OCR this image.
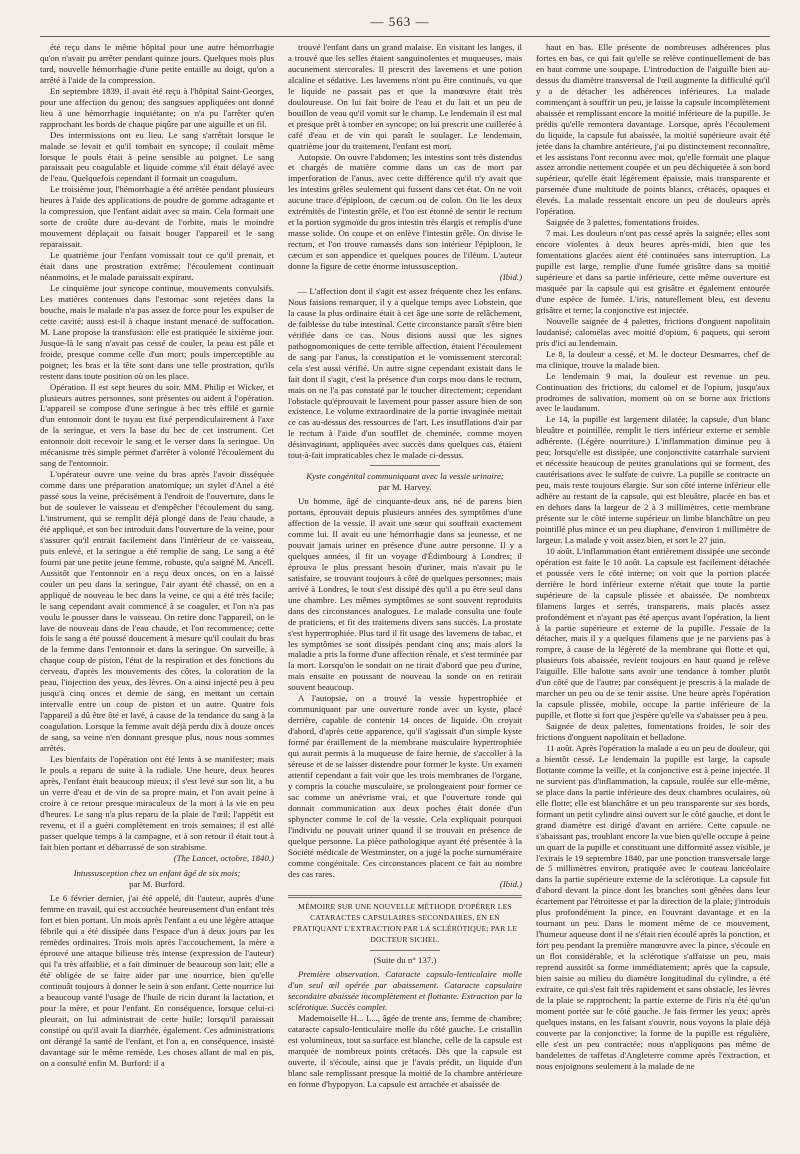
— 563 —

été reçu dans le même hôpital pour une autre hémorrhagie qu'on n'avait pu arrêter pendant quinze jours. Quelques mois plus tard, nouvelle hémorrhagie d'une petite entaille au doigt, qu'on a arrêté à l'aide de la compression.

En septembre 1839, il avait été reçu à l'hôpital Saint-Georges, pour une affection du genou; des sangsues appliquées ont donné lieu à une hémorrhagie inquiétante; on n'a pu l'arrêter qu'en rapprochant les bords de chaque piqûre par une aiguille et un fil.

Des intermissions ont eu lieu. Le sang s'arrêtait lorsque le malade se levait et qu'il tombait en syncope; il coulait même lorsque le pouls était à peine sensible au poignet. Le sang paraissait peu coagulable et liquide comme s'il était délayé avec de l'eau. Quelquefois cependant il formait un coagulum.

Le troisième jour, l'hémorrhagie a été arrêtée pendant plusieurs heures à l'aide des applications de poudre de gomme adragante et la compression, que l'enfant aidait avec sa main. Cela formait une sorte de croûte dure au-devant de l'orbite, mais le moindre mouvement déplaçait ou faisait bouger l'appareil et le sang reparaissait.

Le quatrième jour l'enfant vomissait tout ce qu'il prenait, et était dans une prostration extrême; l'écoulement continuait néanmoins, et le malade paraissait expirant.

Le cinquième jour syncope continue, mouvements convulsifs. Les matières contenues dans l'estomac sont rejetées dans la bouche, mais le malade n'a pas assez de force pour les expulser de cette cavité; aussi est-il à chaque instant menacé de suffocation. M. Lane propose la transfusion: elle est pratiquée le sixième jour. Jusque-là le sang n'avait pas cessé de couler, la peau est pâle et froide, presque comme celle d'un mort; pouls imperceptible au poignet; les bras et la tête sont dans une telle prostration, qu'ils restent dans toute position où on les place.

Opération. Il est sept heures du soir. MM. Philip et Wicker, et plusieurs autres personnes, sont présentes ou aident à l'opération. L'appareil se compose d'une seringue à bec très effilé et garnie d'un entonnoir dont le tuyau est fixé perpendiculairement à l'axe de la seringue, et vers la base du bec de cet instrument. Cet entonnoir doit recevoir le sang et le verser dans la seringue. Un mécanisme très simple permet d'arrêter à volonté l'écoulement du sang de l'entonnoir.

L'opérateur ouvre une veine du bras après l'avoir disséquée comme dans une préparation anatomique; un stylet d'Anel a été passé sous la veine, précisément à l'endroit de l'ouverture, dans le but de soulever le vaisseau et d'empêcher l'écoulement du sang. L'instrument, qui se remplit déjà plongé dans de l'eau chaude, a été appliqué, et son bec introduit dans l'ouverture de la veine, pour s'assurer qu'il entrait facilement dans l'intérieur de ce vaisseau, puis enlevé, et la seringue a été remplie de sang. Le sang a été fourni par une petite jeune femme, robuste, qu'a saigné M. Ancell. Aussitôt que l'entonnoir en a reçu deux onces, on en a laissé couler un peu dans la seringue, l'air ayant été chassé, on en a appliqué de nouveau le bec dans la veine, ce qui a été très facile; le sang cependant avait commencé à se coaguler, et l'on n'a pas voulu le pousser dans le vaisseau. On retire donc l'appareil, on le lave de nouveau dans de l'eau chaude, et l'on recommence; cette fois le sang a été poussé doucement à mesure qu'il coulait du bras de la femme dans l'entonnoir et dans la seringue. On surveille, à chaque coup de piston, l'état de la respiration et des fonctions du cerveau, d'après les mouvements des côtes, la coloration de la peau, l'injection des yeux, des lèvres. On a ainsi injecté peu à peu jusqu'à cinq onces et demie de sang, en mettant un certain intervalle entre un coup de piston et un autre. Quatre fois l'appareil a dû être ôté et lavé, à cause de la tendance du sang à la coagulation. Lorsque la femme avait déjà perdu dix à douze onces de sang, sa veine n'en donnant presque plus, nous nous sommes arrêtés.

Les bienfaits de l'opération ont été lents à se manifester; mais le pouls a reparu de suite à la radiale. Une heure, deux heures après, l'enfant était beaucoup mieux; il s'est levé sur son lit, a bu un verre d'eau et de vin de sa propre main, et l'on avait peine à croire à ce retour presque miraculeux de la mort à la vie en peu d'heures. Le sang n'a plus reparu de la plaie de l'œil; l'appétit est revenu, et il a guéri complètement en trois semaines; il est allé passer quelque temps à la campagne, et à son retour il était tout à fait bien portant et débarrassé de son strabisme.

(The Lancet, octobre, 1840.)

Intussusception chez un enfant âgé de six mois;

par M. Burford.

Le 6 février dernier, j'ai été appelé, dit l'auteur, auprès d'une femme en travail, qui est accouchée heureusement d'un enfant très fort et bien portant. Un mois après l'enfant a eu une légère attaque fébrile qui a été dissipée dans l'espace d'un à deux jours par les remèdes ordinaires. Trois mois après l'accouchement, la mère a éprouvé une attaque bilieuse très intense (expression de l'auteur) qui l'a très affaiblie, et a fait diminuer de beaucoup son lait; elle a été obligée de se faire aider par une nourrice, bien qu'elle continuât toujours à donner le sein à son enfant. Cette nourrice lui a beaucoup vanté l'usage de l'huile de ricin durant la lactation, et pour la mère, et pour l'enfant. En conséquence, lorsque celui-ci pleurait, on lui administrait de cette huile; lorsqu'il paraissait constipé ou qu'il avait la diarrhée, également. Ces administrations ont dérangé la santé de l'enfant, et l'on a, en conséquence, insisté davantage sur le même remède. Les choses allant de mal en pis, on a consulté enfin M. Burford: il a

trouvé l'enfant dans un grand malaise. En visitant les langes, il a trouvé que les selles étaient sanguinolentes et muqueuses, mais aucunement stercorales. Il prescrit des lavemens et une potion alcaline et sédative. Les lavemens n'ont pu être continués, vu que le liquide ne passait pas et que la manœuvre était très douloureuse. On lui fait boire de l'eau et du lait et un peu de bouillon de veau qu'il vomit sur le champ. Le lendemain il est mal et presque prêt à tomber en syncope; on lui prescrit une cuillerée à café d'eau et de vin qui paraît le soulager. Le lendemain, quatrième jour du traitement, l'enfant est mort.

Autopsie. On ouvre l'abdomen; les intestins sont très distendus et chargés de matière comme dans un cas de mort par imperforation de l'anus, avec cette différence qu'il n'y avait que les intestins grêles seulement qui fussent dans cet état. On ne voit aucune trace d'épiploon, de cæcum ou de colon. On lie les deux extrémités de l'intestin grêle, et l'on est étonné de sentir le rectum et la portion sygmoïde du gros intestin très élargis et remplis d'une masse solide. On coupe et on enlève l'intestin grêle. On divise le rectum, et l'on trouve ramassés dans son intérieur l'épiploon, le cæcum et son appendice et quelques pouces de l'iléum. L'auteur donne la figure de cette énorme intussusception.

(Ibid.)

— L'affection dont il s'agit est assez fréquente chez les enfans. Nous faisions remarquer, il y a quelque temps avec Lobstein, que la cause la plus ordinaire était à cet âge une sorte de relâchement, de faiblesse du tube intestinal. Cette circonstance paraît s'être bien vérifiée dans ce cas. Nous disions aussi que les signes pathognomoniques de cette terrible affection, étaient l'écoulement de sang par l'anus, la constipation et le vomissement stercoral: cela s'est aussi vérifié. Un autre signe cependant existait dans le fait dont il s'agit, c'est la présence d'un corps mou dans le rectum, mais on ne l'a pas constaté par le toucher directement; cependant l'obstacle qu'éprouvait le lavement pour passer assure bien de son existence. Le volume extraordinaire de la partie invaginée mettait ce cas au-dessus des ressources de l'art. Les insufflations d'air par le rectum à l'aide d'un soufflet de cheminée, comme moyen désinvaginant, appliquées avec succès dans quelques cas, étaient tout-à-fait impraticables chez le malade ci-dessus.

Kyste congénital communiquant avec la vessie urinaire;

par M. Harvey.

Un homme, âgé de cinquante-deux ans, né de parens bien portans, éprouvait depuis plusieurs années des symptômes d'une affection de la vessie. Il avait une sœur qui souffrait exactement comme lui. Il avait eu une hémorrhagie dans sa jeunesse, et ne pouvait jamais uriner en présence d'une autre personne. Il y a quelques années, il fit un voyage d'Édimbourg à Londres; il éprouva le plus pressant besoin d'uriner, mais n'avait pu le satisfaire, se trouvant toujours à côté de quelques personnes; mais arrivé à Londres, le tout s'est dissipé dès qu'il a pu être seul dans une chambre. Les mêmes symptômes se sont souvent reproduits dans des circonstances analogues. Le malade consulta une foule de praticiens, et fit des traitemens divers sans succès. La prostate s'est hypertrophiée. Plus tard il fit usage des lavemens de tabac, et les symptômes se sont dissipés pendant cinq ans; mais alors la maladie a pris la forme d'une affection rénale, et s'est terminée par la mort. Lorsqu'on le sondait on ne tirait d'abord que peu d'urine, mais ensuite en poussant de nouveau la sonde on en retirait souvent beaucoup.

A l'autopsie, on a trouvé la vessie hypertrophiée et communiquant par une ouverture ronde avec un kyste, placé derrière, capable de contenir 14 onces de liquide. On croyait d'abord, d'après cette apparence, qu'il s'agissait d'un simple kyste formé par éraillement de la membrane musculaire hypertrophiée qui aurait permis à la muqueuse de faire hernie, de s'accoller à la séreuse et de se laisser distendre pour former le kyste. Un examen attentif cependant a fait voir que les trois membranes de l'organe, y compris la couche musculaire, se prolongeaient pour former ce sac comme un anévrisme vrai, et que l'ouverture ronde qui donnait communication aux deux poches était donée d'un sphyncter comme le col de la vessie. Cela expliquait pourquoi l'individu ne pouvait uriner quand il se trouvait en présence de quelque personne. La pièce pathologique ayant été présentée à la Société médicale de Westminster, on a jugé la poche surnuméraire comme congénitale. Ces circonstances placent ce fait au nombre des cas rares.

(Ibid.)

MÉMOIRE SUR UNE NOUVELLE MÉTHODE D'OPÉRER LES CATARACTES CAPSULAIRES SECONDAIRES, EN EN PRATIQUANT L'EXTRACTION PAR LA SCLÉROTIQUE; PAR LE DOCTEUR SICHEL.

(Suite du n° 137.)

Première observation. Cataracte capsulo-lenticulaire molle d'un seul œil opérée par abaissement. Cataracte capsulaire secondaire abaissée incomplètement et flottante. Extraction par la sclérotique. Succès complet.

Mademoiselle H... L..., âgée de trente ans, femme de chambre; cataracte capsulo-lenticulaire molle du côté gauche. Le cristallin est volumineux, tout sa surface est blanche, celle de la capsule est marquée de nombreux points crétacés. Dès que la capsule est ouverte, il s'écoule, ainsi que je l'avais prédit, un liquide d'un blanc sale remplissant presque la moitié de la chambre antérieure en forme d'hypopyon. La capsule est arrachée et abaissée de

haut en bas. Elle présente de nombreuses adhérences plus fortes en bas, ce qui fait qu'elle se relève continuellement de bas en haut comme une soupape. L'introduction de l'aiguille bien au-dessus du diamètre transversal de l'œil augmente la difficulté qu'il y a de détacher les adhérences inférieures. La malade commençant à souffrir un peu, je laisse la capsule incomplètement abaissée et remplissant encore la moitié inférieure de la pupille. Je prédis qu'elle remontera davantage. Lorsque, après l'écoulement du liquide, la capsule fut abaissée, la moitié supérieure avait été jetée dans la chambre antérieure, j'ai pu distinctement reconnaître, et les assistans l'ont reconnu avec moi, qu'elle formait une plaque assez arrondie nettement coupée et un peu déchiquetée à son bord supérieur, qu'elle était légèrement épaissie, mais transparente et parsemée d'une multitude de points blancs, crétacés, opaques et élevés. La malade ressentait encore un peu de douleurs après l'opération.

Saignée de 3 palettes, fomentations froides.

7 mai. Les douleurs n'ont pas cessé après la saignée; elles sont encore violentes à deux heures après-midi, bien que les fomentations glacées aient été continuées sans interruption. La pupille est large, remplie d'une fumée grisâtre dans sa moitié supérieure et dans sa partie inférieure, cette même ouverture est masquée par la capsule qui est grisâtre et également entourée d'une espèce de fumée. L'iris, naturellement bleu, est devenu grisâtre et terne; la conjonctive est injectée.

Nouvelle saignée de 4 palettes, frictions d'onguent napolitain laudanisé; calomélas avec moitié d'opium, 6 paquets, qui seront pris d'ici au lendemain.

Le 8, la douleur a cessé, et M. le docteur Desmarres, chef de ma clinique, trouve la malade bien.

Le lendemain 9 mai, la douleur est revenue un peu. Continuation des frictions, du calomel et de l'opium, jusqu'aux prodromes de salivation, moment où on se borne aux frictions avec le laudanum.

Le 14, la pupille est largement dilatée; la capsule, d'un blanc bleuâtre et pointillée, remplit le tiers inférieur externe et semble adhérente. (Légère nourriture.) L'inflammation diminue peu à peu; lorsqu'elle est dissipée, une conjonctivite catarrhale survient et nécessite beaucoup de petites granulations qui se forment, des cautérisations avec le sulfate de cuivre. La pupille se contracte un peu, mais reste toujours élargie. Sur son côté interne inférieur elle adhère au restant de la capsule, qui est bleuâtre, placée en bas et en dehors dans la largeur de 2 à 3 millimètres, cette membrane présente sur le côté interne supérieur un limbe blanchâtre un peu pointillé plus mince et un peu diaphane, d'environ 1 millimètre de largeur. La malade y voit assez bien, et sort le 27 juin.

10 août. L'inflammation étant entièrement dissipée une seconde opération est faite le 10 août. La capsule est facilement détachée et poussée vers le côté interne; on voit que la portion placée derrière le bord inférieur externe n'était que toute la partie supérieure de la capsule plissée et abaissée. De nombreux filamens larges et serrés, transparens, mais placés assez profondément et n'ayant pas été aperçus avant l'opération, la lient à la partie supérieure et externe de la pupille. J'essaie de la détacher, mais il y a quelques filamens que je ne parviens pas à rompre, à cause de la légèreté de la membrane qui flotte et qui, plusieurs fois abaissée, revient toujours en haut quand je relève l'aiguille. Elle balotte sans avoir une tendance à tomber plutôt d'un côté que de l'autre; par conséquent je prescris à la malade de marcher un peu ou de se tenir assise. Une heure après l'opération la capsule plissée, mobile, occupe la partie inférieure de la pupille, et flotte si fort que j'espère qu'elle va s'abaisser peu à peu.

Saignée de deux palettes, fomentations froides, le soir des frictions d'onguent napolitain et belladone.

11 août. Après l'opération la malade a eu un peu de douleur, qui a bientôt cessé. Le lendemain la pupille est large, la capsule flottante comme la veille, et la conjonctive est à peine injectée. Il ne survient pas d'inflammation, la capsule, roulée sur elle-même, se place dans la partie inférieure des deux chambres oculaires, où elle flotte; elle est blanchâtre et un peu transparente sur ses bords, formant un petit cylindre ainsi ouvert sur le côté gauche, et dont le grand diamètre est dirigé d'avant en arrière. Cette capsule ne s'abaissant pas, troublant encore la vue bien qu'elle occupe à peine un quart de la pupille et constituant une difformité assez visible, je l'extrais le 19 septembre 1840, par une ponction transversale large de 5 millimètres environ, pratiquée avec le couteau lancéolaire dans la partie supérieure externe de la sclérotique. La capsule fut d'abord devant la pince dont les branches sont gênées dans leur écartement par l'étroitesse et par la direction de la plaie; j'introduis plus profondément la pince, en l'ouvrant davantage et en la tournant un peu. Dans le moment même de ce mouvement, l'humeur aqueuse dont il ne s'était rien écoulé après la ponction, et fort peu pendant la première manœuvre avec la pince, s'écoule en un flot considérable, et la sclérotique s'affaisse un peu, mais reprend aussitôt sa forme immédiatement; après que la capsule, bien saisie au milieu du diamètre longitudinal du cylindre, a été extraite, ce qui s'est fait très rapidement et sans obstacle, les lèvres de la plaie se rapprochent; la partie externe de l'iris n'a été qu'un moment portée sur le côté gauche. Je fais fermer les yeux; après quelques instans, en les faisant s'ouvrir, nous voyons la plaie déjà couverte par la conjonctive; la forme de la pupille est régulière, elle s'est un peu contractée; nous n'appliquons pas même de bandelettes de taffetas d'Angleterre comme après l'extraction, et nous enjoignons seulement à la malade de ne
